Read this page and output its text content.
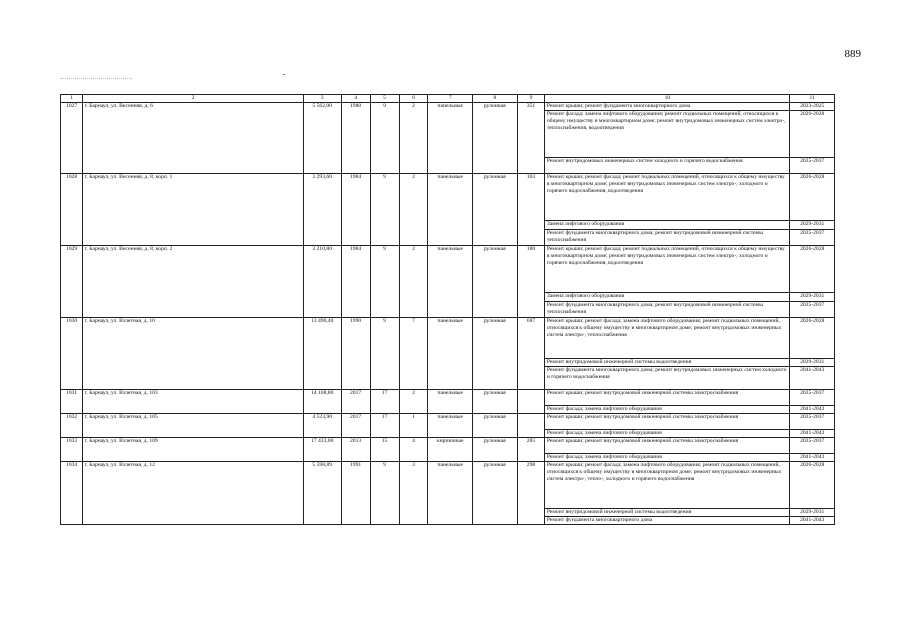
889
1	2	3	4	5	6	7	8	9	10	11
1027	г. Барнаул, ул. Весенняя, д. 6	5 562,00	1980	9	2	панельные	рулонная	351	Ремонт крыши; ремонт фундамента многоквартирного дома	2023-2025
									Ремонт фасада; замена лифтового оборудования; ремонт подвальных помещений, относящихся к общему имуществу в многоквартирном доме; ремонт внутридомовых инженерных систем электро-, теплоснабжения, водоотведения	2026-2028
									Ремонт внутридомовых инженерных систем холодного и горячего водоснабжения	2035-2037
1028	г. Барнаул, ул. Весенняя, д. 8, корп. 1	3 293,60	1984	9	2	панельные	рулонная	163	Ремонт крыши; ремонт фасада; ремонт подвальных помещений, относящихся к общему имуществу в многоквартирном доме; ремонт внутридомовых инженерных систем электро-, холодного и горячего водоснабжения, водоотведения	2026-2028
									Замена лифтового оборудования	2029-2031
									Ремонт фундамента многоквартирного дома; ремонт внутридомовой инженерной системы теплоснабжения	2035-2037
1029	г. Барнаул, ул. Весенняя, д. 8, корп. 2	3 210,80	1984	9	2	панельные	рулонная	180	Ремонт крыши; ремонт фасада; ремонт подвальных помещений, относящихся к общему имуществу в многоквартирном доме; ремонт внутридомовых инженерных систем электро-, холодного и горячего водоснабжения, водоотведения	2026-2028
									Замена лифтового оборудования	2029-2031
									Ремонт фундамента многоквартирного дома; ремонт внутридомовой инженерной системы теплоснабжения	2035-2037
1030	г. Барнаул, ул. Взлетная, д. 10	13 490,40	1990	9	7	панельные	рулонная	687	Ремонт крыши; ремонт фасада; замена лифтового оборудования; ремонт подвальных помещений, относящихся к общему имуществу в многоквартирном доме; ремонт внутридомовых инженерных систем электро-, теплоснабжения	2026-2028
									Ремонт внутридомовой инженерной системы водоотведения	2029-2031
									Ремонт фундамента многоквартирного дома; ремонт внутридомовых инженерных систем холодного и горячего водоснабжения	2041-2043
1031	г. Барнаул, ул. Взлетная, д. 103	14 108,80	2017	17	2	панельные	рулонная		Ремонт крыши; ремонт внутридомовой инженерной системы электроснабжения	2035-2037
									Ремонт фасада; замена лифтового оборудования	2041-2043
1032	г. Барнаул, ул. Взлетная, д. 105	4 523,90	2017	17	1	панельные	рулонная		Ремонт крыши; ремонт внутридомовой инженерной системы электроснабжения	2035-2037
									Ремонт фасада; замена лифтового оборудования	2041-2043
1033	г. Барнаул, ул. Взлетная, д. 109	17 433,00	2013	15	4	кирпичные	рулонная	285	Ремонт крыши; ремонт внутридомовой инженерной системы электроснабжения	2035-2037
									Ремонт фасада; замена лифтового оборудования	2041-2043
1034	г. Барнаул, ул. Взлетная, д. 12	5 598,89	1991	9	3	панельные	рулонная	298	Ремонт крыши; ремонт фасада; замена лифтового оборудования; ремонт подвальных помещений, относящихся к общему имуществу в многоквартирном доме; ремонт внутридомовых инженерных систем электро-, тепло-, холодного и горячего водоснабжения	2026-2028
									Ремонт внутридомовой инженерной системы водоотведения	2029-2031
									Ремонт фундамента многоквартирного дома	2041-2043
